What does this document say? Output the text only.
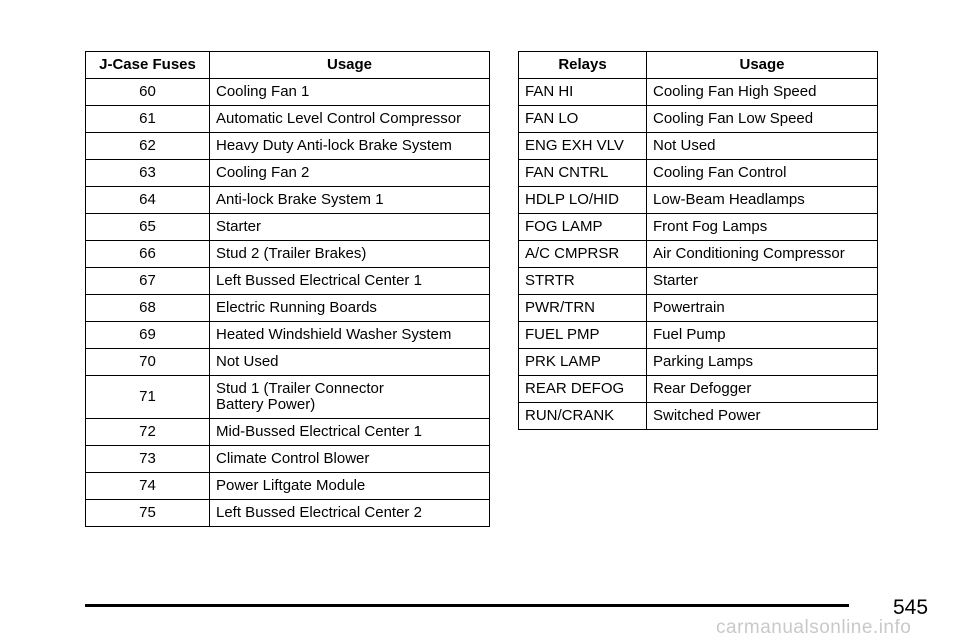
J-Case Fuses	Usage
60	Cooling Fan 1
61	Automatic Level Control Compressor
62	Heavy Duty Anti-lock Brake System
63	Cooling Fan 2
64	Anti-lock Brake System 1
65	Starter
66	Stud 2 (Trailer Brakes)
67	Left Bussed Electrical Center 1
68	Electric Running Boards
69	Heated Windshield Washer System
70	Not Used
71	Stud 1 (Trailer Connector
Battery Power)

72	Mid-Bussed Electrical Center 1
73	Climate Control Blower
74	Power Liftgate Module
75	Left Bussed Electrical Center 2
Relays	Usage
FAN HI	Cooling Fan High Speed
FAN LO	Cooling Fan Low Speed
ENG EXH VLV	Not Used
FAN CNTRL	Cooling Fan Control
HDLP LO/HID	Low-Beam Headlamps
FOG LAMP	Front Fog Lamps
A/C CMPRSR	Air Conditioning Compressor
STRTR	Starter
PWR/TRN	Powertrain
FUEL PMP	Fuel Pump
PRK LAMP	Parking Lamps
REAR DEFOG	Rear Defogger
RUN/CRANK	Switched Power
545
carmanualsonline.info
